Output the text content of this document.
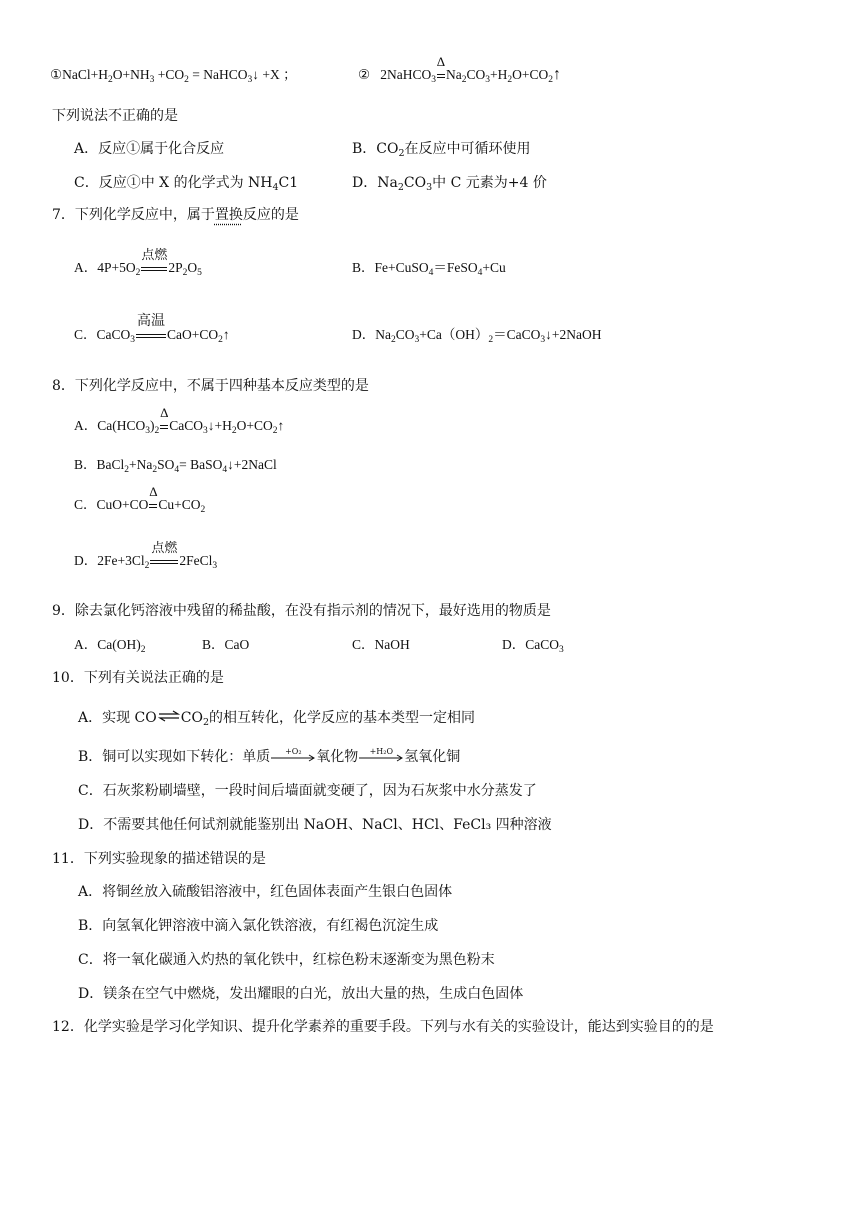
$①NaCl+H_2O+NH_3 +CO_2$ = NaHCO$_3$↓ +X ；	② 2NaHCO$_3$
Δ
$Na_2CO_3+H_2O+CO_2↑$
下列说法不正确的是
A．反应①属于化合反应	B．$CO_2$在反应中可循环使用
C．反应①中 X 的化学式为 $NH_4C1$	D．$Na_2CO_3$中 C 元素为+4 价
7．下列化学反应中，属于置换反应的是
A．$4P+5O_2$
点燃
$2P_2O_5$	B．Fe+CuSO$_4$＝FeSO$_4$+Cu
C．CaCO$_3$
高温
$CaO+CO_2↑$	D．$Na_2CO_3+Ca(OH)_2=CaCO_3↓+2NaOH$
8．下列化学反应中，不属于四种基本反应类型的是
A．$Ca(HCO_3)_2$
Δ
$CaCO_3↓+H_2O+CO_2↑$
B．$BaCl_2+Na_2SO_4=$ BaSO$_4$↓+2NaCl
C．CuO+CO
Δ
$Cu+CO_2$
D．$2Fe+3Cl_2$
点燃
2FeCl$_3$
9．除去氯化钙溶液中残留的稀盐酸，在没有指示剂的情况下，最好选用的物质是
A．$Ca(OH)_2$	B．CaO	C．NaOH	D．CaCO$_3$
10．下列有关说法正确的是
A．实现 $CO\rightleftharpoons CO_2$的相互转化，化学反应的基本类型一定相同
B．铜可以实现如下转化：单质	+O₂	氧化物	+H₂O 氢氧化铜
C．石灰浆粉刷墙壁，一段时间后墙面就变硬了，因为石灰浆中水分蒸发了
D．不需要其他任何试剂就能鉴别出 NaOH、NaCl、HCl、FeCl₃ 四种溶液
11．下列实验现象的描述错误的是
A．将铜丝放入硫酸铝溶液中，红色固体表面产生银白色固体
B．向氢氧化钾溶液中滴入氯化铁溶液，有红褐色沉淀生成
C．将一氧化碳通入灼热的氧化铁中，红棕色粉末逐渐变为黑色粉末
D．镁条在空气中燃烧，发出耀眼的白光，放出大量的热，生成白色固体
12．化学实验是学习化学知识、提升化学素养的重要手段。下列与水有关的实验设计，能达到实验目的的是
